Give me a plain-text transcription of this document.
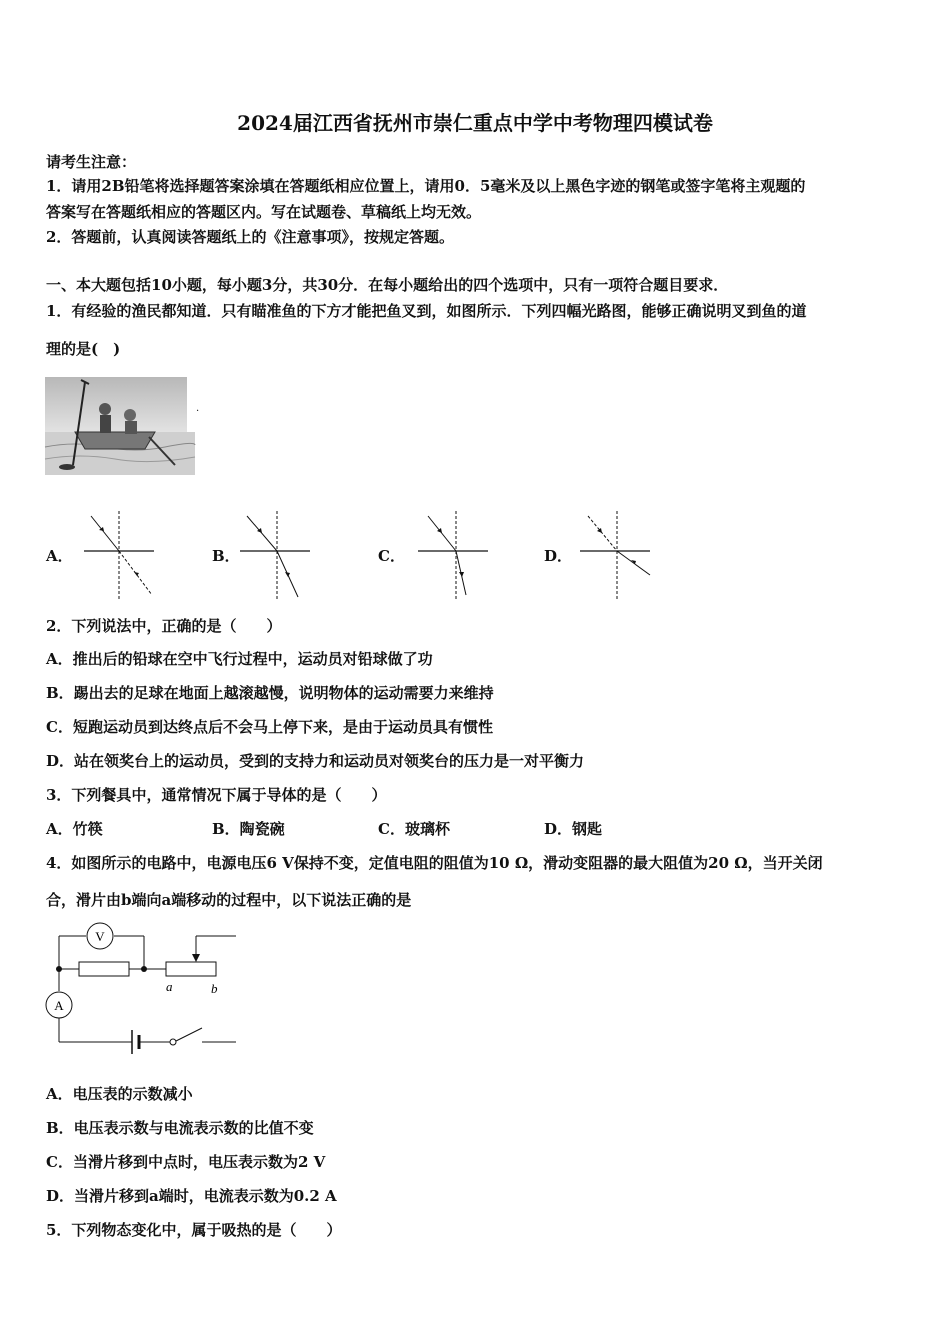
2024届江西省抚州市崇仁重点中学中考物理四模试卷
请考生注意：
1．请用2B铅笔将选择题答案涂填在答题纸相应位置上，请用0．5毫米及以上黑色字迹的钢笔或签字笔将主观题的
答案写在答题纸相应的答题区内。写在试题卷、草稿纸上均无效。
2．答题前，认真阅读答题纸上的《注意事项》，按规定答题。
一、本大题包括10小题，每小题3分，共30分．在每小题给出的四个选项中，只有一项符合题目要求．
1．有经验的渔民都知道．只有瞄准鱼的下方才能把鱼叉到，如图所示．下列四幅光路图，能够正确说明叉到鱼的道
理的是(　)
.
A．	B．	C．	D．
2．下列说法中，正确的是（　　）
A．推出后的铅球在空中飞行过程中，运动员对铅球做了功
B．踢出去的足球在地面上越滚越慢，说明物体的运动需要力来维持
C．短跑运动员到达终点后不会马上停下来，是由于运动员具有惯性
D．站在领奖台上的运动员，受到的支持力和运动员对领奖台的压力是一对平衡力
3．下列餐具中，通常情况下属于导体的是（　　）
A．竹筷	B．陶瓷碗	C．玻璃杯	D．钢匙
4．如图所示的电路中，电源电压6 V保持不变，定值电阻的阻值为10 Ω，滑动变阻器的最大阻值为20 Ω，当开关闭
合，滑片由b端向a端移动的过程中，以下说法正确的是
V
a	b
A
A．电压表的示数减小
B．电压表示数与电流表示数的比值不变
C．当滑片移到中点时，电压表示数为2 V
D．当滑片移到a端时，电流表示数为0.2 A
5．下列物态变化中，属于吸热的是（　　）
